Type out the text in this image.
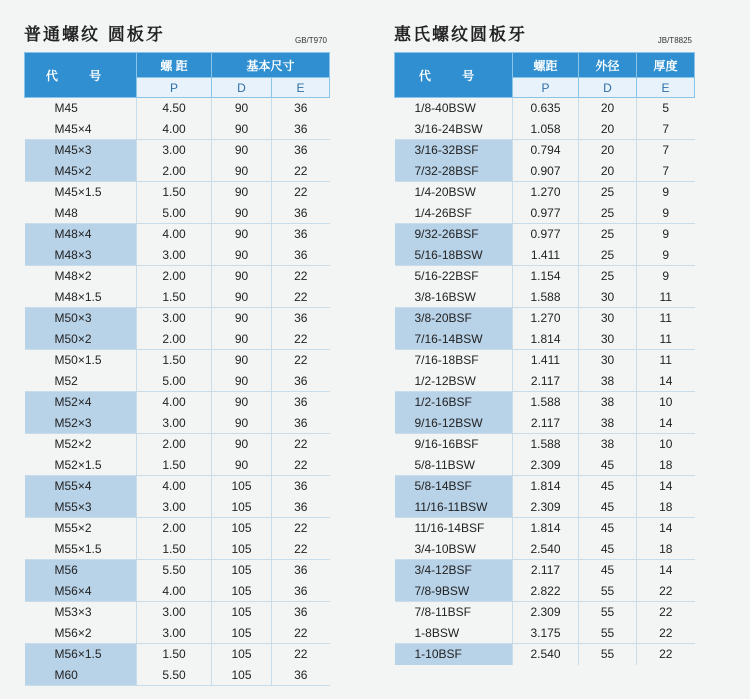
普通螺纹 圆板牙	GB/T970
代 号	螺 距	基本尺寸	
	P	D	E
M45	4.50	90	36
M45×4	4.00	90	36
M45×3	3.00	90	36
M45×2	2.00	90	22
M45×1.5	1.50	90	22
M48	5.00	90	36
M48×4	4.00	90	36
M48×3	3.00	90	36
M48×2	2.00	90	22
M48×1.5	1.50	90	22
M50×3	3.00	90	36
M50×2	2.00	90	22
M50×1.5	1.50	90	22
M52	5.00	90	36
M52×4	4.00	90	36
M52×3	3.00	90	36
M52×2	2.00	90	22
M52×1.5	1.50	90	22
M55×4	4.00	105	36
M55×3	3.00	105	36
M55×2	2.00	105	22
M55×1.5	1.50	105	22
M56	5.50	105	36
M56×4	4.00	105	36
M53×3	3.00	105	36
M56×2	3.00	105	22
M56×1.5	1.50	105	22
M60	5.50	105	36
惠氏螺纹圆板牙	JB/T8825
代 号	螺距	外径	厚度
	P	D	E
1/8-40BSW	0.635	20	5
3/16-24BSW	1.058	20	7
3/16-32BSF	0.794	20	7
7/32-28BSF	0.907	20	7
1/4-20BSW	1.270	25	9
1/4-26BSF	0.977	25	9
9/32-26BSF	0.977	25	9
5/16-18BSW	1.411	25	9
5/16-22BSF	1.154	25	9
3/8-16BSW	1.588	30	11
3/8-20BSF	1.270	30	11
7/16-14BSW	1.814	30	11
7/16-18BSF	1.411	30	11
1/2-12BSW	2.117	38	14
1/2-16BSF	1.588	38	10
9/16-12BSW	2.117	38	14
9/16-16BSF	1.588	38	10
5/8-11BSW	2.309	45	18
5/8-14BSF	1.814	45	14
11/16-11BSW	2.309	45	18
11/16-14BSF	1.814	45	14
3/4-10BSW	2.540	45	18
3/4-12BSF	2.117	45	14
7/8-9BSW	2.822	55	22
7/8-11BSF	2.309	55	22
1-8BSW	3.175	55	22
1-10BSF	2.540	55	22
